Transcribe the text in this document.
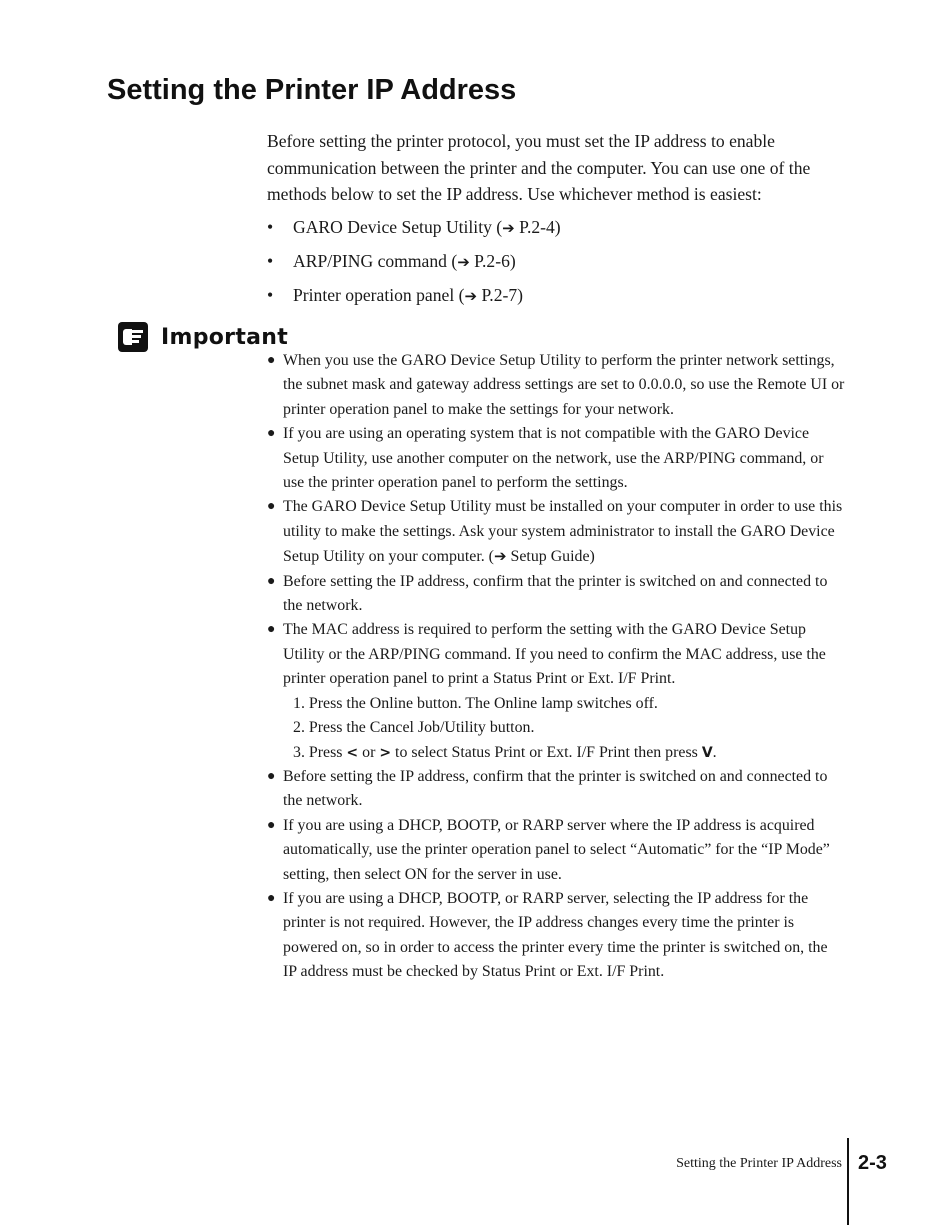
Setting the Printer IP Address

Before setting the printer protocol, you must set the IP address to enable communication between the printer and the computer. You can use one of the methods below to set the IP address. Use whichever method is easiest:

• GARO Device Setup Utility (➔ P.2-4)
• ARP/PING command (➔ P.2-6)
• Printer operation panel (➔ P.2-7)
Important
● When you use the GARO Device Setup Utility to perform the printer network settings, the subnet mask and gateway address settings are set to 0.0.0.0, so use the Remote UI or printer operation panel to make the settings for your network.
● If you are using an operating system that is not compatible with the GARO Device Setup Utility, use another computer on the network, use the ARP/PING command, or use the printer operation panel to perform the settings.
● The GARO Device Setup Utility must be installed on your computer in order to use this utility to make the settings. Ask your system administrator to install the GARO Device Setup Utility on your computer. (➔ Setup Guide)
● Before setting the IP address, confirm that the printer is switched on and connected to the network.
● The MAC address is required to perform the setting with the GARO Device Setup Utility or the ARP/PING command. If you need to confirm the MAC address, use the printer operation panel to print a Status Print or Ext. I/F Print.
1. Press the Online button. The Online lamp switches off.
2. Press the Cancel Job/Utility button.
3. Press < or > to select Status Print or Ext. I/F Print then press V.
● Before setting the IP address, confirm that the printer is switched on and connected to the network.
● If you are using a DHCP, BOOTP, or RARP server where the IP address is acquired automatically, use the printer operation panel to select “Automatic” for the “IP Mode” setting, then select ON for the server in use.
● If you are using a DHCP, BOOTP, or RARP server, selecting the IP address for the printer is not required. However, the IP address changes every time the printer is powered on, so in order to access the printer every time the printer is switched on, the IP address must be checked by Status Print or Ext. I/F Print.
Setting the Printer IP Address 2-3
